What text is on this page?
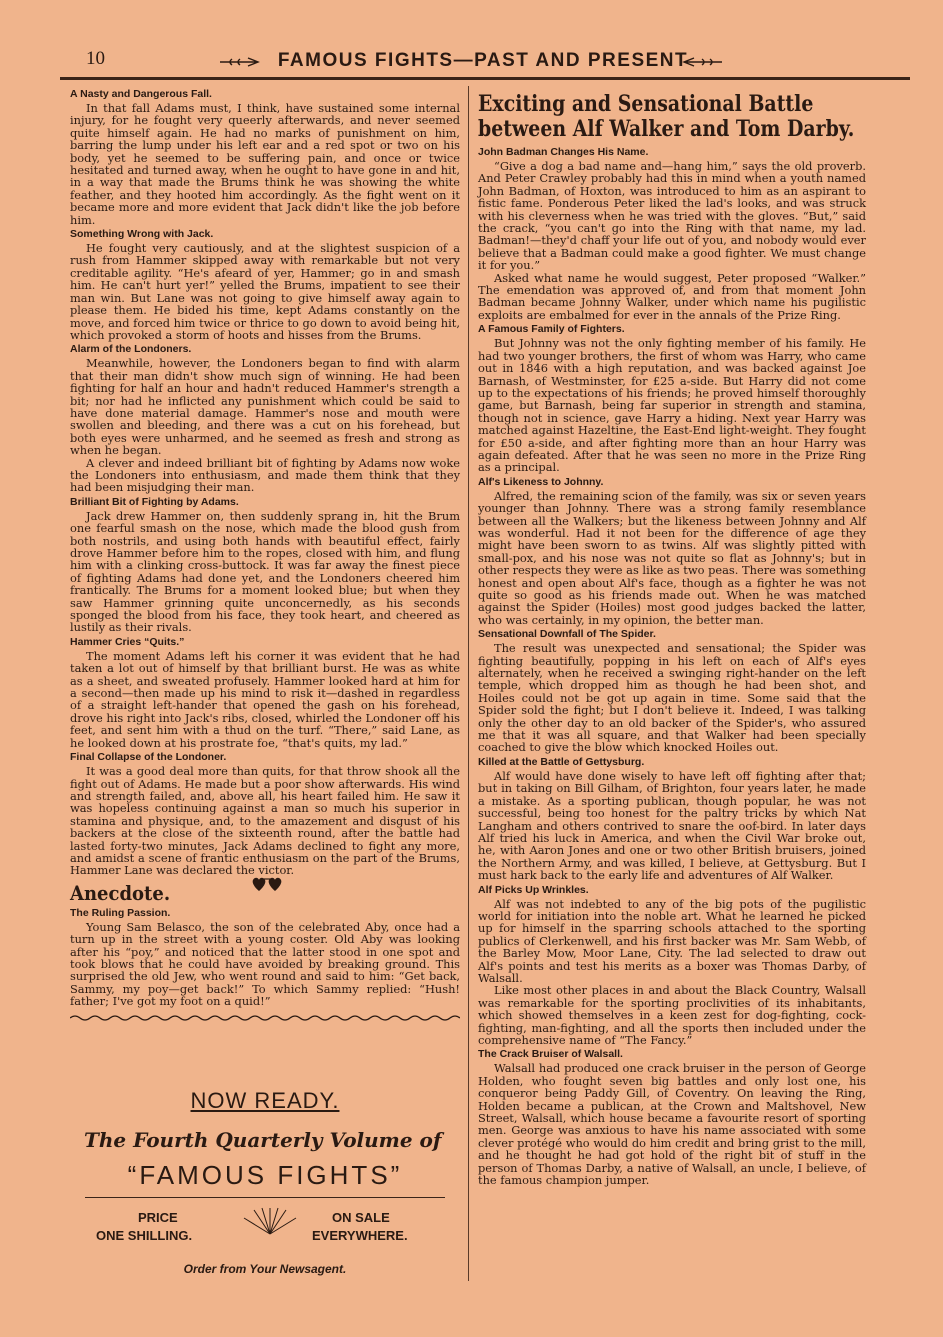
10	FAMOUS FIGHTS—PAST AND PRESENT
A Nasty and Dangerous Fall.

In that fall Adams must, I think, have sustained some internal injury, for he fought very queerly afterwards, and never seemed quite himself again. He had no marks of punishment on him, barring the lump under his left ear and a red spot or two on his body, yet he seemed to be suffering pain, and once or twice hesitated and turned away, when he ought to have gone in and hit, in a way that made the Brums think he was showing the white feather, and they hooted him accordingly. As the fight went on it became more and more evident that Jack didn't like the job before him.

Something Wrong with Jack.

He fought very cautiously, and at the slightest suspicion of a rush from Hammer skipped away with remarkable but not very creditable agility. “He's afeard of yer, Hammer; go in and smash him. He can't hurt yer!” yelled the Brums, impatient to see their man win. But Lane was not going to give himself away again to please them. He bided his time, kept Adams constantly on the move, and forced him twice or thrice to go down to avoid being hit, which provoked a storm of hoots and hisses from the Brums.

Alarm of the Londoners.

Meanwhile, however, the Londoners began to find with alarm that their man didn't show much sign of winning. He had been fighting for half an hour and hadn't reduced Hammer's strength a bit; nor had he inflicted any punishment which could be said to have done material damage. Hammer's nose and mouth were swollen and bleeding, and there was a cut on his forehead, but both eyes were unharmed, and he seemed as fresh and strong as when he began.

A clever and indeed brilliant bit of fighting by Adams now woke the Londoners into enthusiasm, and made them think that they had been misjudging their man.

Brilliant Bit of Fighting by Adams.

Jack drew Hammer on, then suddenly sprang in, hit the Brum one fearful smash on the nose, which made the blood gush from both nostrils, and using both hands with beautiful effect, fairly drove Hammer before him to the ropes, closed with him, and flung him with a clinking cross-buttock. It was far away the finest piece of fighting Adams had done yet, and the Londoners cheered him frantically. The Brums for a moment looked blue; but when they saw Hammer grinning quite unconcernedly, as his seconds sponged the blood from his face, they took heart, and cheered as lustily as their rivals.

Hammer Cries “Quits.”

The moment Adams left his corner it was evident that he had taken a lot out of himself by that brilliant burst. He was as white as a sheet, and sweated profusely. Hammer looked hard at him for a second—then made up his mind to risk it—dashed in regardless of a straight left-hander that opened the gash on his forehead, drove his right into Jack's ribs, closed, whirled the Londoner off his feet, and sent him with a thud on the turf. “There,” said Lane, as he looked down at his prostrate foe, “that's quits, my lad.”

Final Collapse of the Londoner.

It was a good deal more than quits, for that throw shook all the fight out of Adams. He made but a poor show afterwards. His wind and strength failed, and, above all, his heart failed him. He saw it was hopeless continuing against a man so much his superior in stamina and physique, and, to the amazement and disgust of his backers at the close of the sixteenth round, after the battle had lasted forty-two minutes, Jack Adams declined to fight any more, and amidst a scene of frantic enthusiasm on the part of the Brums, Hammer Lane was declared the victor.

Anecdote.
The Ruling Passion.

Young Sam Belasco, the son of the celebrated Aby, once had a turn up in the street with a young coster. Old Aby was looking after his “poy,” and noticed that the latter stood in one spot and took blows that he could have avoided by breaking ground. This surprised the old Jew, who went round and said to him: “Get back, Sammy, my poy—get back!” To which Sammy replied: “Hush! father; I've got my foot on a quid!”

NOW READY.
The Fourth Quarterly Volume of
“FAMOUS FIGHTS”
PRICE
ONE SHILLING.
ON SALE
EVERYWHERE.
Order from Your Newsagent.
Exciting and Sensational Battle between Alf Walker and Tom Darby.
John Badman Changes His Name.

“Give a dog a bad name and—hang him,” says the old proverb. And Peter Crawley probably had this in mind when a youth named John Badman, of Hoxton, was introduced to him as an aspirant to fistic fame. Ponderous Peter liked the lad's looks, and was struck with his cleverness when he was tried with the gloves. “But,” said the crack, “you can't go into the Ring with that name, my lad. Badman!—they'd chaff your life out of you, and nobody would ever believe that a Badman could make a good fighter. We must change it for you.”

Asked what name he would suggest, Peter proposed “Walker.” The emendation was approved of, and from that moment John Badman became Johnny Walker, under which name his pugilistic exploits are embalmed for ever in the annals of the Prize Ring.

A Famous Family of Fighters.

But Johnny was not the only fighting member of his family. He had two younger brothers, the first of whom was Harry, who came out in 1846 with a high reputation, and was backed against Joe Barnash, of Westminster, for £25 a-side. But Harry did not come up to the expectations of his friends; he proved himself thoroughly game, but Barnash, being far superior in strength and stamina, though not in science, gave Harry a hiding. Next year Harry was matched against Hazeltine, the East-End light-weight. They fought for £50 a-side, and after fighting more than an hour Harry was again defeated. After that he was seen no more in the Prize Ring as a principal.

Alf's Likeness to Johnny.

Alfred, the remaining scion of the family, was six or seven years younger than Johnny. There was a strong family resemblance between all the Walkers; but the likeness between Johnny and Alf was wonderful. Had it not been for the difference of age they might have been sworn to as twins. Alf was slightly pitted with small-pox, and his nose was not quite so flat as Johnny's; but in other respects they were as like as two peas. There was something honest and open about Alf's face, though as a fighter he was not quite so good as his friends made out. When he was matched against the Spider (Hoiles) most good judges backed the latter, who was certainly, in my opinion, the better man.

Sensational Downfall of The Spider.

The result was unexpected and sensational; the Spider was fighting beautifully, popping in his left on each of Alf's eyes alternately, when he received a swinging right-hander on the left temple, which dropped him as though he had been shot, and Hoiles could not be got up again in time. Some said that the Spider sold the fight; but I don't believe it. Indeed, I was talking only the other day to an old backer of the Spider's, who assured me that it was all square, and that Walker had been specially coached to give the blow which knocked Hoiles out.

Killed at the Battle of Gettysburg.

Alf would have done wisely to have left off fighting after that; but in taking on Bill Gilham, of Brighton, four years later, he made a mistake. As a sporting publican, though popular, he was not successful, being too honest for the paltry tricks by which Nat Langham and others contrived to snare the oof-bird. In later days Alf tried his luck in America, and when the Civil War broke out, he, with Aaron Jones and one or two other British bruisers, joined the Northern Army, and was killed, I believe, at Gettysburg. But I must hark back to the early life and adventures of Alf Walker.

Alf Picks Up Wrinkles.

Alf was not indebted to any of the big pots of the pugilistic world for initiation into the noble art. What he learned he picked up for himself in the sparring schools attached to the sporting publics of Clerkenwell, and his first backer was Mr. Sam Webb, of the Barley Mow, Moor Lane, City. The lad selected to draw out Alf's points and test his merits as a boxer was Thomas Darby, of Walsall.

Like most other places in and about the Black Country, Walsall was remarkable for the sporting proclivities of its inhabitants, which showed themselves in a keen zest for dog-fighting, cock-fighting, man-fighting, and all the sports then included under the comprehensive name of “The Fancy.”

The Crack Bruiser of Walsall.

Walsall had produced one crack bruiser in the person of George Holden, who fought seven big battles and only lost one, his conqueror being Paddy Gill, of Coventry. On leaving the Ring, Holden became a publican, at the Crown and Maltshovel, New Street, Walsall, which house became a favourite resort of sporting men. George was anxious to have his name associated with some clever protégé who would do him credit and bring grist to the mill, and he thought he had got hold of the right bit of stuff in the person of Thomas Darby, a native of Walsall, an uncle, I believe, of the famous champion jumper.
